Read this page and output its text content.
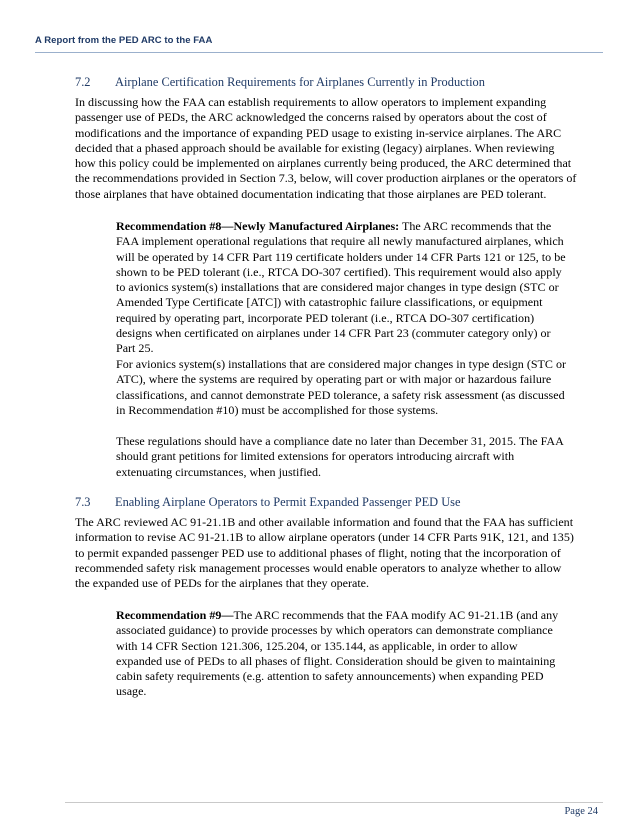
A Report from the PED ARC to the FAA
7.2 Airplane Certification Requirements for Airplanes Currently in Production

In discussing how the FAA can establish requirements to allow operators to implement expanding passenger use of PEDs, the ARC acknowledged the concerns raised by operators about the cost of modifications and the importance of expanding PED usage to existing in-service airplanes. The ARC decided that a phased approach should be available for existing (legacy) airplanes. When reviewing how this policy could be implemented on airplanes currently being produced, the ARC determined that the recommendations provided in Section 7.3, below, will cover production airplanes or the operators of those airplanes that have obtained documentation indicating that those airplanes are PED tolerant.

Recommendation #8—Newly Manufactured Airplanes: The ARC recommends that the FAA implement operational regulations that require all newly manufactured airplanes, which will be operated by 14 CFR Part 119 certificate holders under 14 CFR Parts 121 or 125, to be shown to be PED tolerant (i.e., RTCA DO-307 certified). This requirement would also apply to avionics system(s) installations that are considered major changes in type design (STC or Amended Type Certificate [ATC]) with catastrophic failure classifications, or equipment required by operating part, incorporate PED tolerant (i.e., RTCA DO-307 certification) designs when certificated on airplanes under 14 CFR Part 23 (commuter category only) or Part 25.

For avionics system(s) installations that are considered major changes in type design (STC or ATC), where the systems are required by operating part or with major or hazardous failure classifications, and cannot demonstrate PED tolerance, a safety risk assessment (as discussed in Recommendation #10) must be accomplished for those systems.

These regulations should have a compliance date no later than December 31, 2015. The FAA should grant petitions for limited extensions for operators introducing aircraft with extenuating circumstances, when justified.

7.3 Enabling Airplane Operators to Permit Expanded Passenger PED Use

The ARC reviewed AC 91-21.1B and other available information and found that the FAA has sufficient information to revise AC 91-21.1B to allow airplane operators (under 14 CFR Parts 91K, 121, and 135) to permit expanded passenger PED use to additional phases of flight, noting that the incorporation of recommended safety risk management processes would enable operators to analyze whether to allow the expanded use of PEDs for the airplanes that they operate.

Recommendation #9—The ARC recommends that the FAA modify AC 91-21.1B (and any associated guidance) to provide processes by which operators can demonstrate compliance with 14 CFR Section 121.306, 125.204, or 135.144, as applicable, in order to allow expanded use of PEDs to all phases of flight. Consideration should be given to maintaining cabin safety requirements (e.g. attention to safety announcements) when expanding PED usage.

Page 24
